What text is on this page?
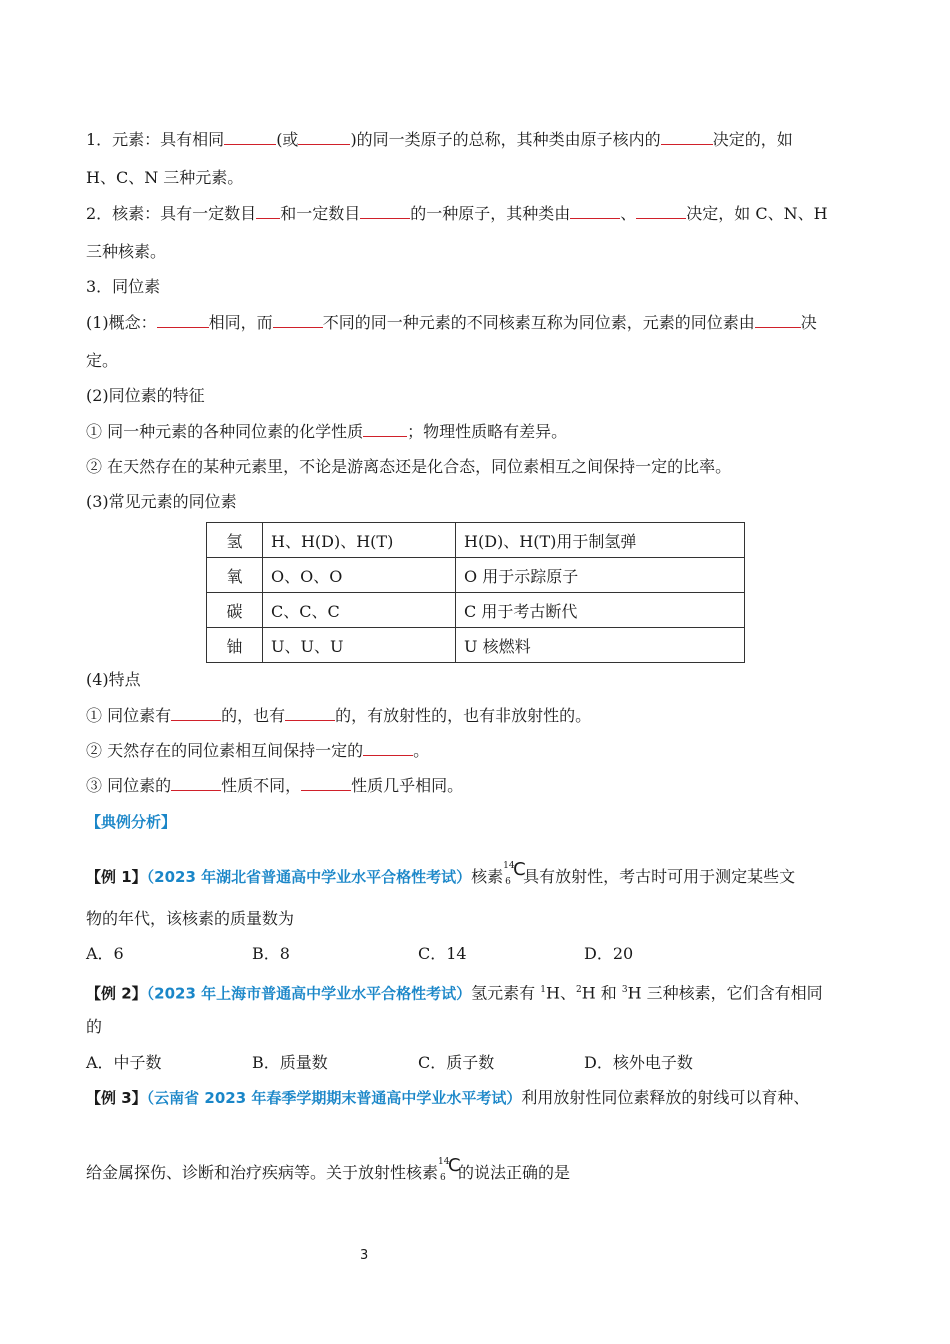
1．元素：具有相同	(或	)的同一类原子的总称，其种类由原子核内的	决定的，如
H、C、N 三种元素。
2．核素：具有一定数目 和一定数目	的一种原子，其种类由	、	决定，如 C、N、H
三种核素。
3．同位素
(1)概念：	相同，而	不同的同一种元素的不同核素互称为同位素，元素的同位素由	决
定。
(2)同位素的特征
① 同一种元素的各种同位素的化学性质	；物理性质略有差异。
② 在天然存在的某种元素里，不论是游离态还是化合态，同位素相互之间保持一定的比率。
(3)常见元素的同位素
氢	H、H(D)、H(T)	H(D)、H(T)用于制氢弹
氧	O、O、O	O 用于示踪原子
碳	C、C、C	C 用于考古断代
铀	U、U、U	U 核燃料
(4)特点
① 同位素有	的，也有	的，有放射性的，也有非放射性的。
② 天然存在的同位素相互间保持一定的	。
③ 同位素的	性质不同，	性质几乎相同。
【典例分析】
【例 1】（2023 年湖北省普通高中学业水平合格性考试）核素
14
6
C
具有放射性，考古时可用于测定某些文
物的年代，该核素的质量数为
A．6	B．8	C．14	D．20
【例 2】（2023 年上海市普通高中学业水平合格性考试）氢元素有 $^1$H、$^2$H 和 $^3$H 三种核素，它们含有相同
的
A．中子数	B．质量数	C．质子数	D．核外电子数
【例 3】（云南省 2023 年春季学期期末普通高中学业水平考试）利用放射性同位素释放的射线可以育种、
给金属探伤、诊断和治疗疾病等。关于放射性核素
14
6
C
的说法正确的是
3
